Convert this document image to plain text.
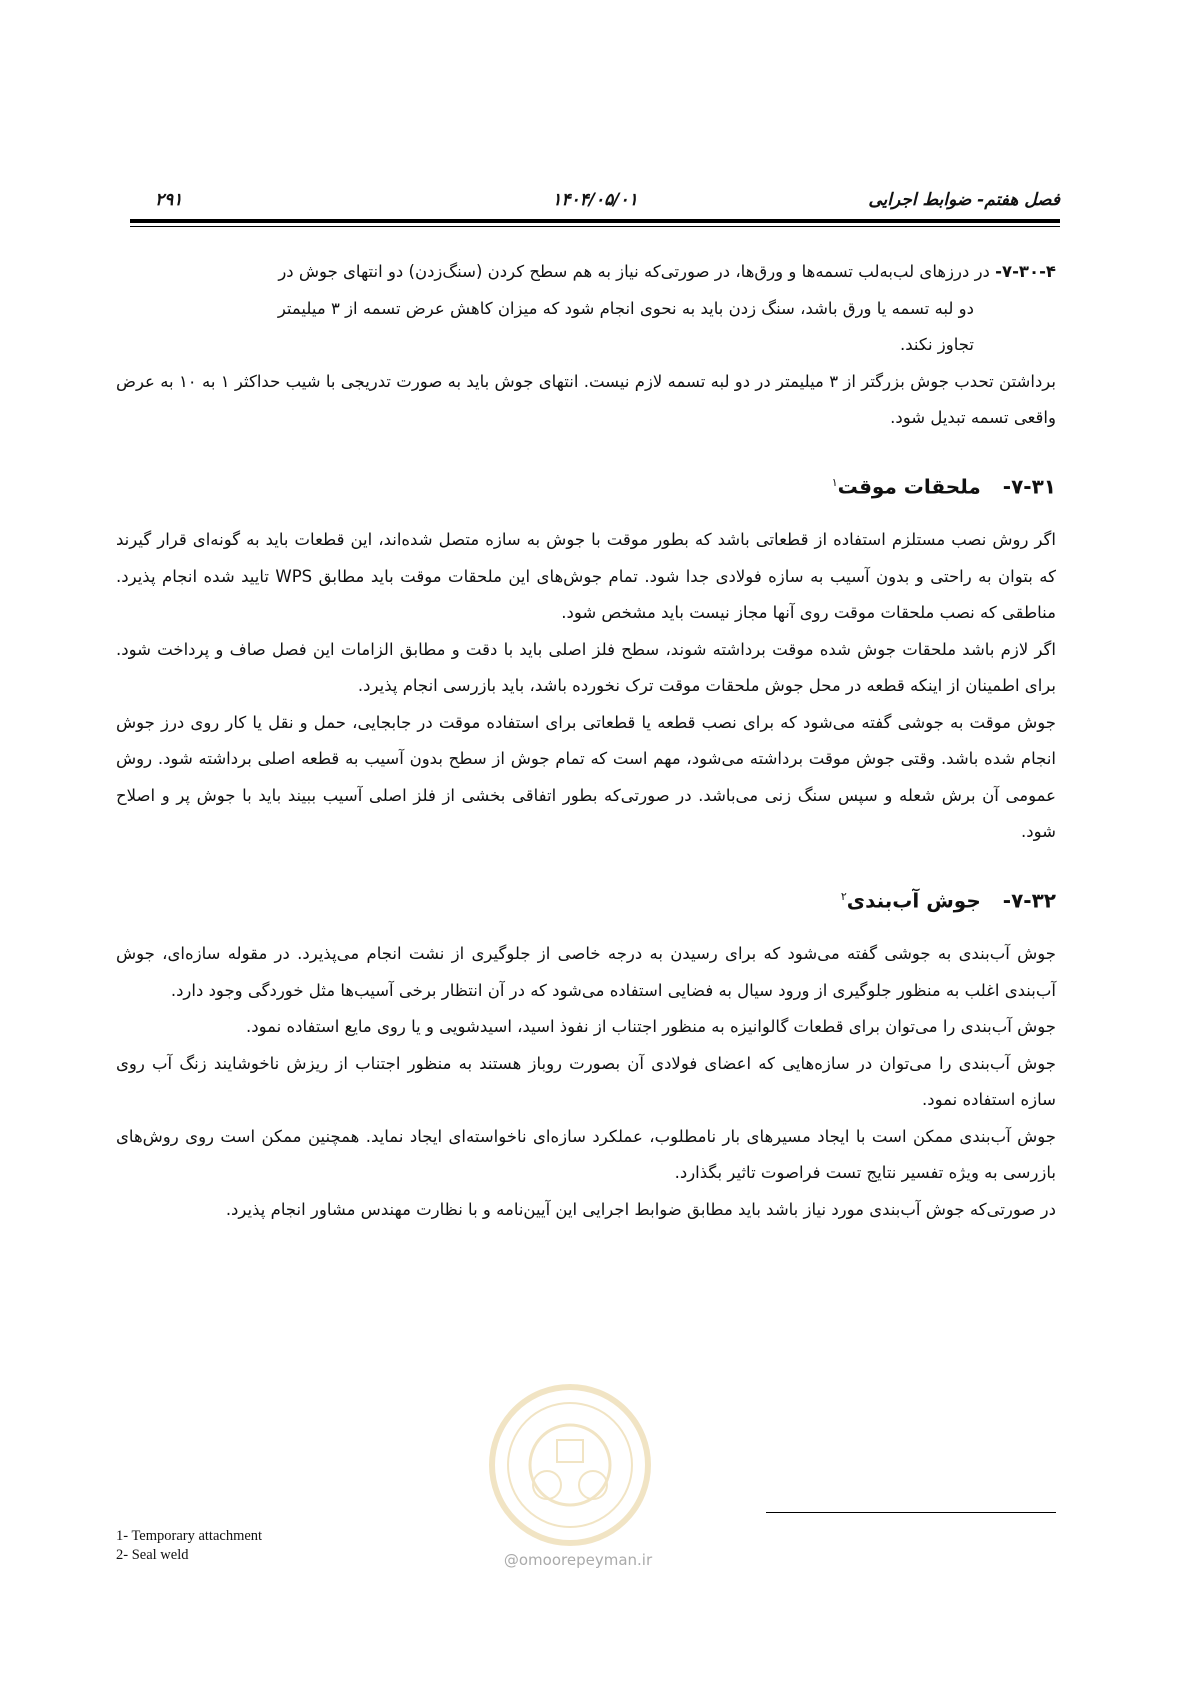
فصل هفتم- ضوابط اجرایی
۱۴۰۴/۰۵/۰۱
۲۹۱

۷-۳۰-۴- در درزهای لب‌به‌لب تسمه‌ها و ورق‌ها، در صورتی‌که نیاز به هم سطح کردن (سنگ‌زدن) دو انتهای جوش در

دو لبه تسمه یا ورق باشد، سنگ زدن باید به نحوی انجام شود که میزان کاهش عرض تسمه از ۳ میلیمتر

تجاوز نکند.

برداشتن تحدب جوش بزرگتر از ۳ میلیمتر در دو لبه تسمه لازم نیست. انتهای جوش باید به صورت تدریجی با شیب حداکثر ۱ به ۱۰ به عرض واقعی تسمه تبدیل شود.

۷-۳۱-ملحقات موقت$^۱$

اگر روش نصب مستلزم استفاده از قطعاتی باشد که بطور موقت با جوش به سازه متصل شده‌اند، این قطعات باید به گونه‌ای قرار گیرند که بتوان به راحتی و بدون آسیب به سازه فولادی جدا شود. تمام جوش‌های این ملحقات موقت باید مطابق WPS تایید شده انجام پذیرد. مناطقی که نصب ملحقات موقت روی آنها مجاز نیست باید مشخص شود.

اگر لازم باشد ملحقات جوش شده موقت برداشته شوند، سطح فلز اصلی باید با دقت و مطابق الزامات این فصل صاف و پرداخت شود. برای اطمینان از اینکه قطعه در محل جوش ملحقات موقت ترک نخورده باشد، باید بازرسی انجام پذیرد.

جوش موقت به جوشی گفته می‌شود که برای نصب قطعه یا قطعاتی برای استفاده موقت در جابجایی، حمل و نقل یا کار روی درز جوش انجام شده باشد. وقتی جوش موقت برداشته می‌شود، مهم است که تمام جوش از سطح بدون آسیب به قطعه اصلی برداشته شود. روش عمومی آن برش شعله و سپس سنگ زنی می‌باشد. در صورتی‌که بطور اتفاقی بخشی از فلز اصلی آسیب ببیند باید با جوش پر و اصلاح شود.

۷-۳۲-جوش آب‌بندی$^۲$

جوش آب‌بندی به جوشی گفته می‌شود که برای رسیدن به درجه خاصی از جلوگیری از نشت انجام می‌پذیرد. در مقوله سازه‌ای، جوش آب‌بندی اغلب به منظور جلوگیری از ورود سیال به فضایی استفاده می‌شود که در آن انتظار برخی آسیب‌ها مثل خوردگی وجود دارد.

جوش آب‌بندی را می‌توان برای قطعات گالوانیزه به منظور اجتناب از نفوذ اسید، اسیدشویی و یا روی مایع استفاده نمود.

جوش آب‌بندی را می‌توان در سازه‌هایی که اعضای فولادی آن بصورت روباز هستند به منظور اجتناب از ریزش ناخوشایند زنگ آب روی سازه استفاده نمود.

جوش آب‌بندی ممکن است با ایجاد مسیرهای بار نامطلوب، عملکرد سازه‌ای ناخواسته‌ای ایجاد نماید. همچنین ممکن است روی روش‌های بازرسی به ویژه تفسیر نتایج تست فراصوت تاثیر بگذارد.

در صورتی‌که جوش آب‌بندی مورد نیاز باشد باید مطابق ضوابط اجرایی این آیین‌نامه و با نظارت مهندس مشاور انجام پذیرد.

@omoorepeyman.ir
1- Temporary attachment
2- Seal weld
